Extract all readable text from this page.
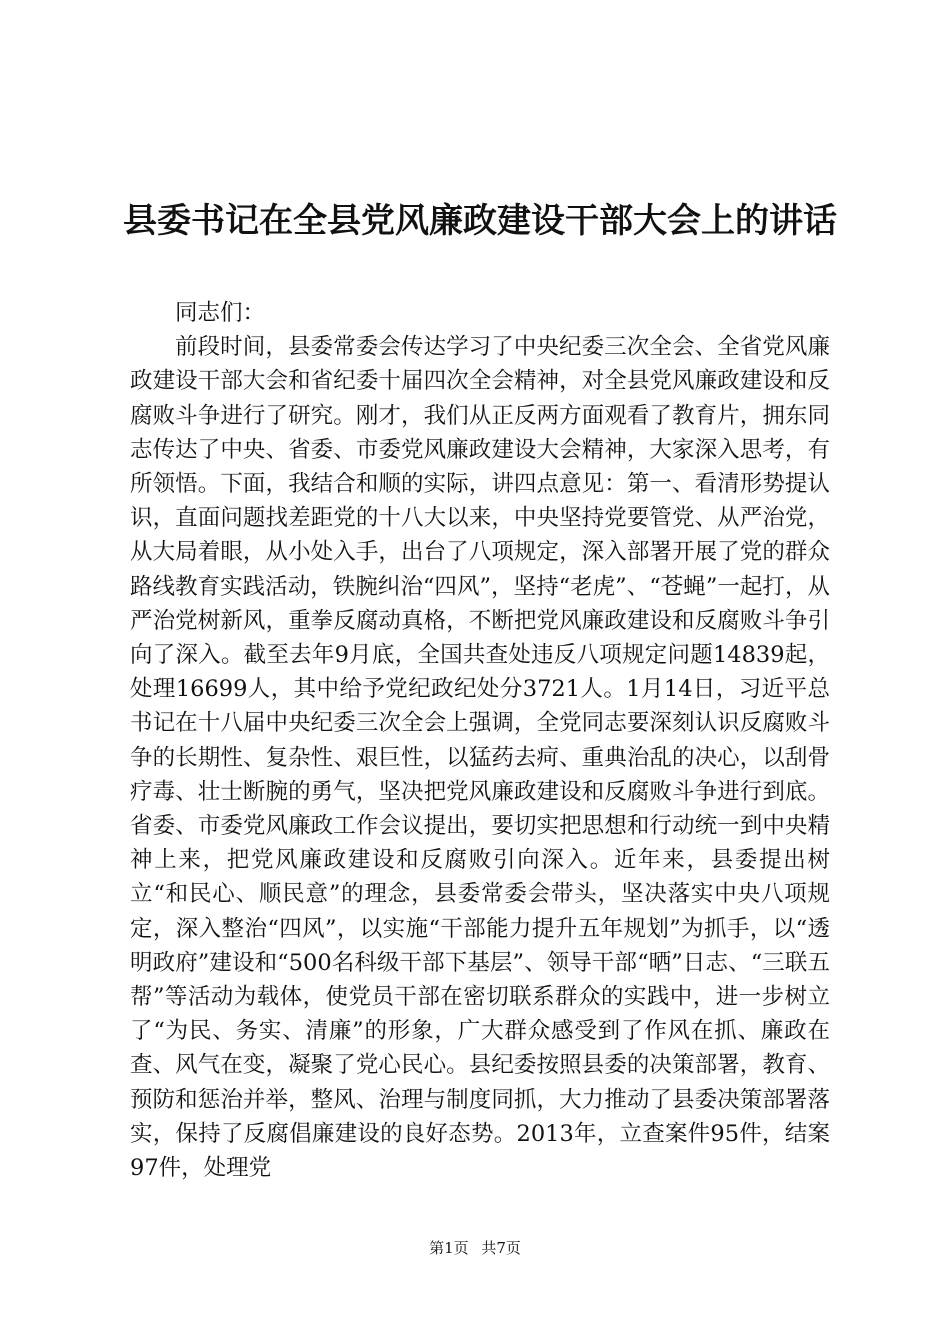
县委书记在全县党风廉政建设干部大会上的讲话

同志们：

前段时间，县委常委会传达学习了中央纪委三次全会、全省党风廉政建设干部大会和省纪委十届四次全会精神，对全县党风廉政建设和反腐败斗争进行了研究。刚才，我们从正反两方面观看了教育片，拥东同志传达了中央、省委、市委党风廉政建设大会精神，大家深入思考，有所领悟。下面，我结合和顺的实际，讲四点意见：第一、看清形势提认识，直面问题找差距党的十八大以来，中央坚持党要管党、从严治党，从大局着眼，从小处入手，出台了八项规定，深入部署开展了党的群众路线教育实践活动，铁腕纠治“四风”，坚持“老虎”、“苍蝇”一起打，从严治党树新风，重拳反腐动真格，不断把党风廉政建设和反腐败斗争引向了深入。截至去年9月底，全国共查处违反八项规定问题14839起，处理16699人，其中给予党纪政纪处分3721人。1月14日，习近平总书记在十八届中央纪委三次全会上强调，全党同志要深刻认识反腐败斗争的长期性、复杂性、艰巨性，以猛药去疴、重典治乱的决心，以刮骨疗毒、壮士断腕的勇气，坚决把党风廉政建设和反腐败斗争进行到底。省委、市委党风廉政工作会议提出，要切实把思想和行动统一到中央精神上来，把党风廉政建设和反腐败引向深入。近年来，县委提出树立“和民心、顺民意”的理念，县委常委会带头，坚决落实中央八项规定，深入整治“四风”，以实施“干部能力提升五年规划”为抓手，以“透明政府”建设和“500名科级干部下基层”、领导干部“晒”日志、“三联五帮”等活动为载体，使党员干部在密切联系群众的实践中，进一步树立了“为民、务实、清廉”的形象，广大群众感受到了作风在抓、廉政在查、风气在变，凝聚了党心民心。县纪委按照县委的决策部署，教育、预防和惩治并举，整风、治理与制度同抓，大力推动了县委决策部署落实，保持了反腐倡廉建设的良好态势。2013年，立查案件95件，结案97件，处理党

第1页 共7页
